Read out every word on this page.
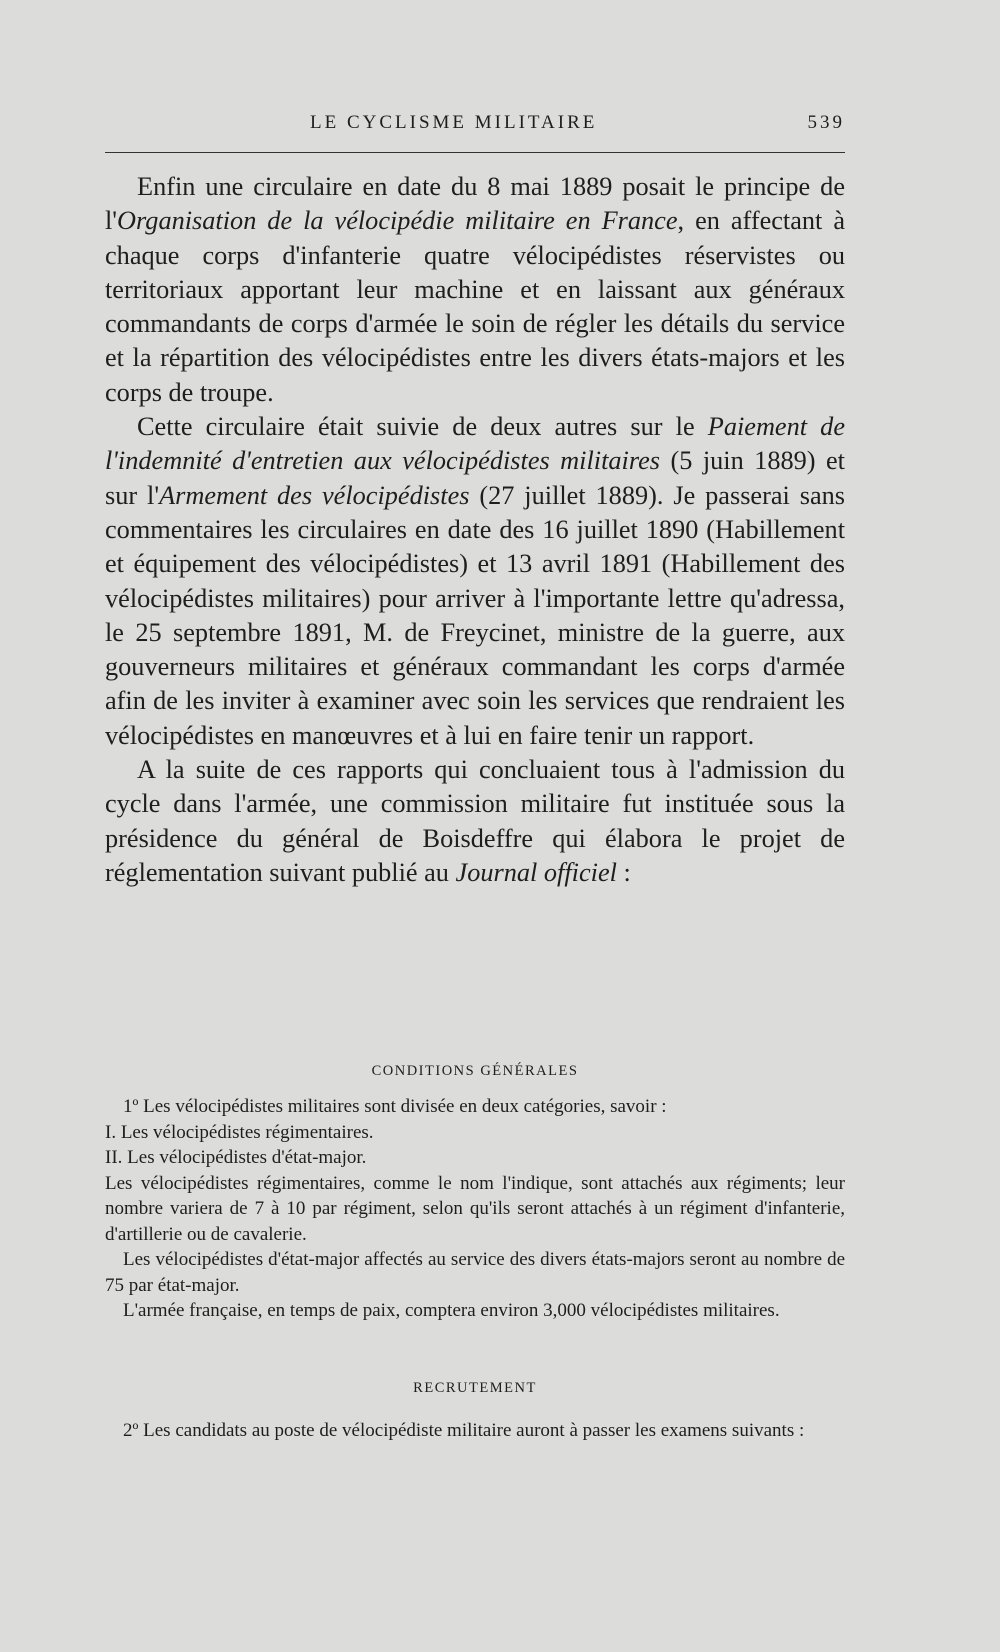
LE CYCLISME MILITAIRE	539

Enfin une circulaire en date du 8 mai 1889 posait le principe de l'Organisation de la vélocipédie militaire en France, en affectant à chaque corps d'infanterie quatre vélocipédistes réservistes ou territoriaux apportant leur machine et en laissant aux généraux commandants de corps d'armée le soin de régler les détails du service et la répartition des vélocipédistes entre les divers états-majors et les corps de troupe.

Cette circulaire était suivie de deux autres sur le Paiement de l'indemnité d'entretien aux vélocipédistes militaires (5 juin 1889) et sur l'Armement des vélocipédistes (27 juillet 1889). Je passerai sans commentaires les circulaires en date des 16 juillet 1890 (Habillement et équipement des vélocipédistes) et 13 avril 1891 (Habillement des vélocipédistes militaires) pour arriver à l'importante lettre qu'adressa, le 25 septembre 1891, M. de Freycinet, ministre de la guerre, aux gouverneurs militaires et généraux commandant les corps d'armée afin de les inviter à examiner avec soin les services que rendraient les vélocipédistes en manœuvres et à lui en faire tenir un rapport.

A la suite de ces rapports qui concluaient tous à l'admission du cycle dans l'armée, une commission militaire fut instituée sous la présidence du général de Boisdeffre qui élabora le projet de réglementation suivant publié au Journal officiel :

CONDITIONS GÉNÉRALES

1º Les vélocipédistes militaires sont divisée en deux catégories, savoir :

I. Les vélocipédistes régimentaires.

II. Les vélocipédistes d'état-major.

Les vélocipédistes régimentaires, comme le nom l'indique, sont attachés aux régiments; leur nombre variera de 7 à 10 par régiment, selon qu'ils seront attachés à un régiment d'infanterie, d'artillerie ou de cavalerie.

Les vélocipédistes d'état-major affectés au service des divers états-majors seront au nombre de 75 par état-major.

L'armée française, en temps de paix, comptera environ 3,000 vélocipédistes militaires.

RECRUTEMENT

2º Les candidats au poste de vélocipédiste militaire auront à passer les examens suivants :
